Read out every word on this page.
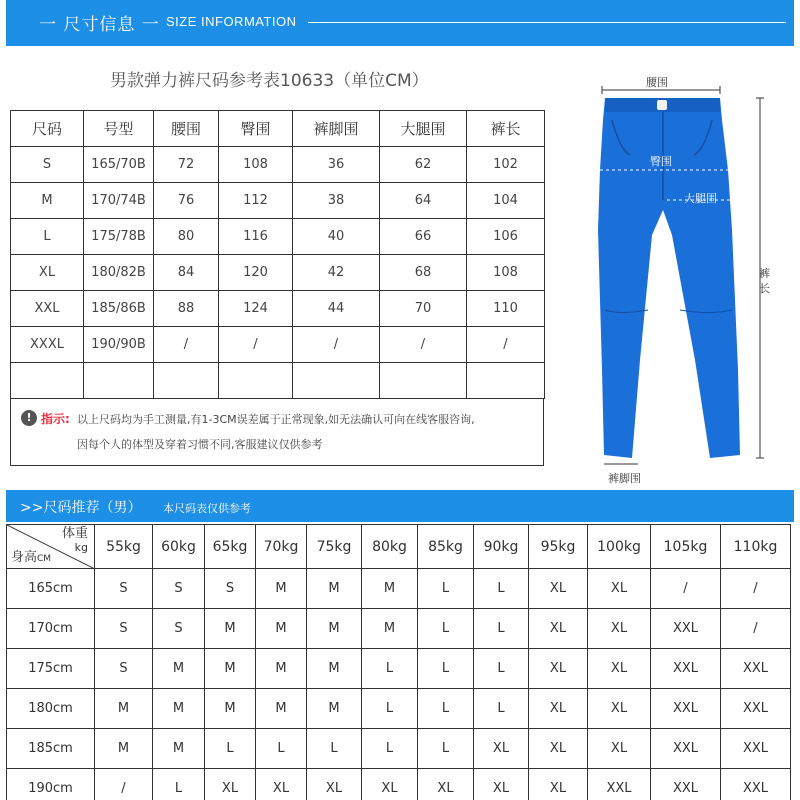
一 尺寸信息 一 SIZE INFORMATION
男款弹力裤尺码参考表10633（单位CM）
尺码	号型	腰围	臀围	裤脚围	大腿围	裤长
S	165/70B	72	108	36	62	102
M	170/74B	76	112	38	64	104
L	175/78B	80	116	40	66	106
XL	180/82B	84	120	42	68	108
XXL	185/86B	88	124	44	70	110
XXXL	190/90B	/	/	/	/	/

! 指示: 以上尺码均为手工测量,有1-3CM误差属于正常现象,如无法确认可向在线客服咨询,
因每个人的体型及穿着习惯不同,客服建议仅供参考
腰围
臀围
大腿围
裤
长
裤脚围
>>尺码推荐（男） 本尺码表仅供参考
体重
kg
身高CM	55kg	60kg	65kg	70kg	75kg	80kg	85kg	90kg	95kg	100kg	105kg	110kg
165cm	S	S	S	M	M	M	L	L	XL	XL	/	/
170cm	S	S	M	M	M	M	L	L	XL	XL	XXL	/
175cm	S	M	M	M	M	L	L	L	XL	XL	XXL	XXL
180cm	M	M	M	M	M	L	L	L	XL	XL	XXL	XXL
185cm	M	M	L	L	L	L	L	XL	XL	XL	XXL	XXL
190cm	/	L	XL	XL	XL	XL	XL	XL	XL	XXL	XXL	XXL
